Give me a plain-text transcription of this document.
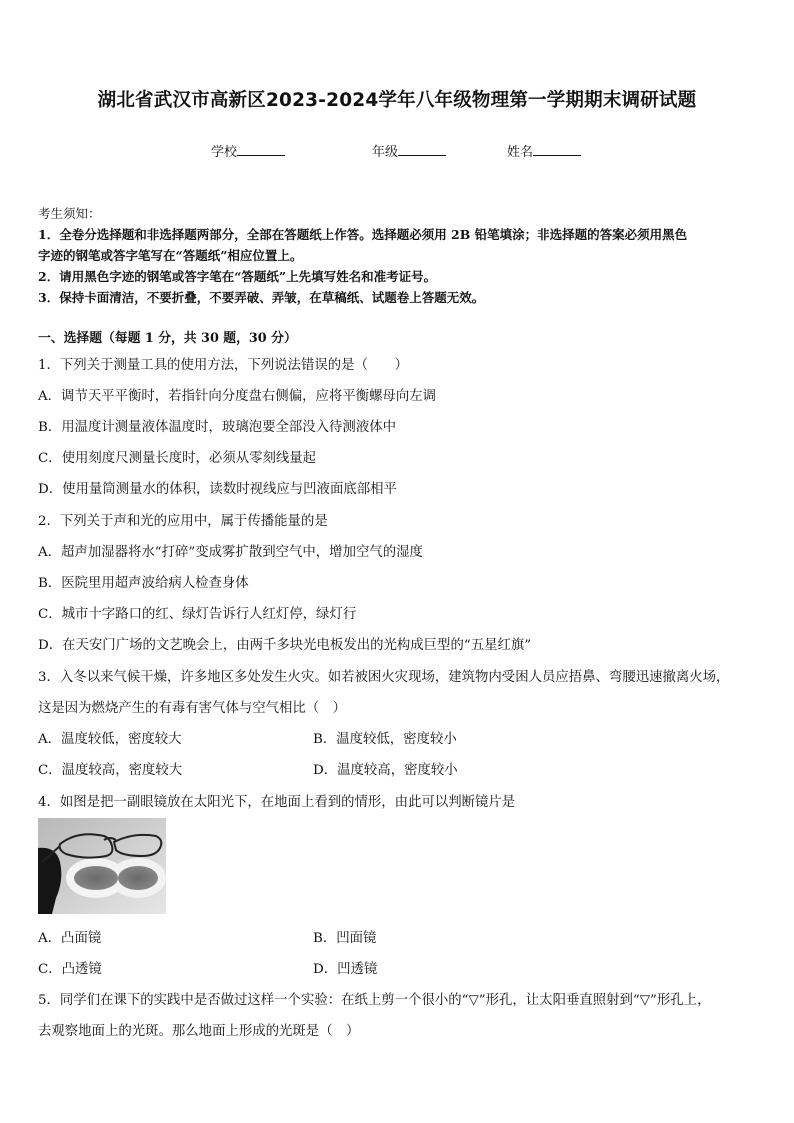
湖北省武汉市高新区2023-2024学年八年级物理第一学期期末调研试题
学校	年级	姓名
考生须知：
1．全卷分选择题和非选择题两部分，全部在答题纸上作答。选择题必须用 2B 铅笔填涂；非选择题的答案必须用黑色
字迹的钢笔或答字笔写在“答题纸”相应位置上。
2．请用黑色字迹的钢笔或答字笔在“答题纸”上先填写姓名和准考证号。
3．保持卡面清洁，不要折叠，不要弄破、弄皱，在草稿纸、试题卷上答题无效。
一、选择题（每题 1 分，共 30 题，30 分）
1．下列关于测量工具的使用方法，下列说法错误的是（　　）
A．调节天平平衡时，若指针向分度盘右侧偏，应将平衡螺母向左调
B．用温度计测量液体温度时，玻璃泡要全部没入待测液体中
C．使用刻度尺测量长度时，必须从零刻线量起
D．使用量筒测量水的体积，读数时视线应与凹液面底部相平
2．下列关于声和光的应用中，属于传播能量的是
A．超声加湿器将水“打碎”变成雾扩散到空气中，增加空气的湿度
B．医院里用超声波给病人检查身体
C．城市十字路口的红、绿灯告诉行人红灯停，绿灯行
D．在天安门广场的文艺晚会上，由两千多块光电板发出的光构成巨型的“五星红旗”
3．入冬以来气候干燥，许多地区多处发生火灾。如若被困火灾现场，建筑物内受困人员应捂鼻、弯腰迅速撤离火场，
这是因为燃烧产生的有毒有害气体与空气相比（　）
A．温度较低，密度较大	B．温度较低，密度较小
C．温度较高，密度较大	D．温度较高，密度较小
4．如图是把一副眼镜放在太阳光下，在地面上看到的情形，由此可以判断镜片是
A．凸面镜	B．凹面镜
C．凸透镜	D．凹透镜
5．同学们在课下的实践中是否做过这样一个实验：在纸上剪一个很小的“▽”形孔，让太阳垂直照射到“▽”形孔上，
去观察地面上的光斑。那么地面上形成的光斑是（　）
